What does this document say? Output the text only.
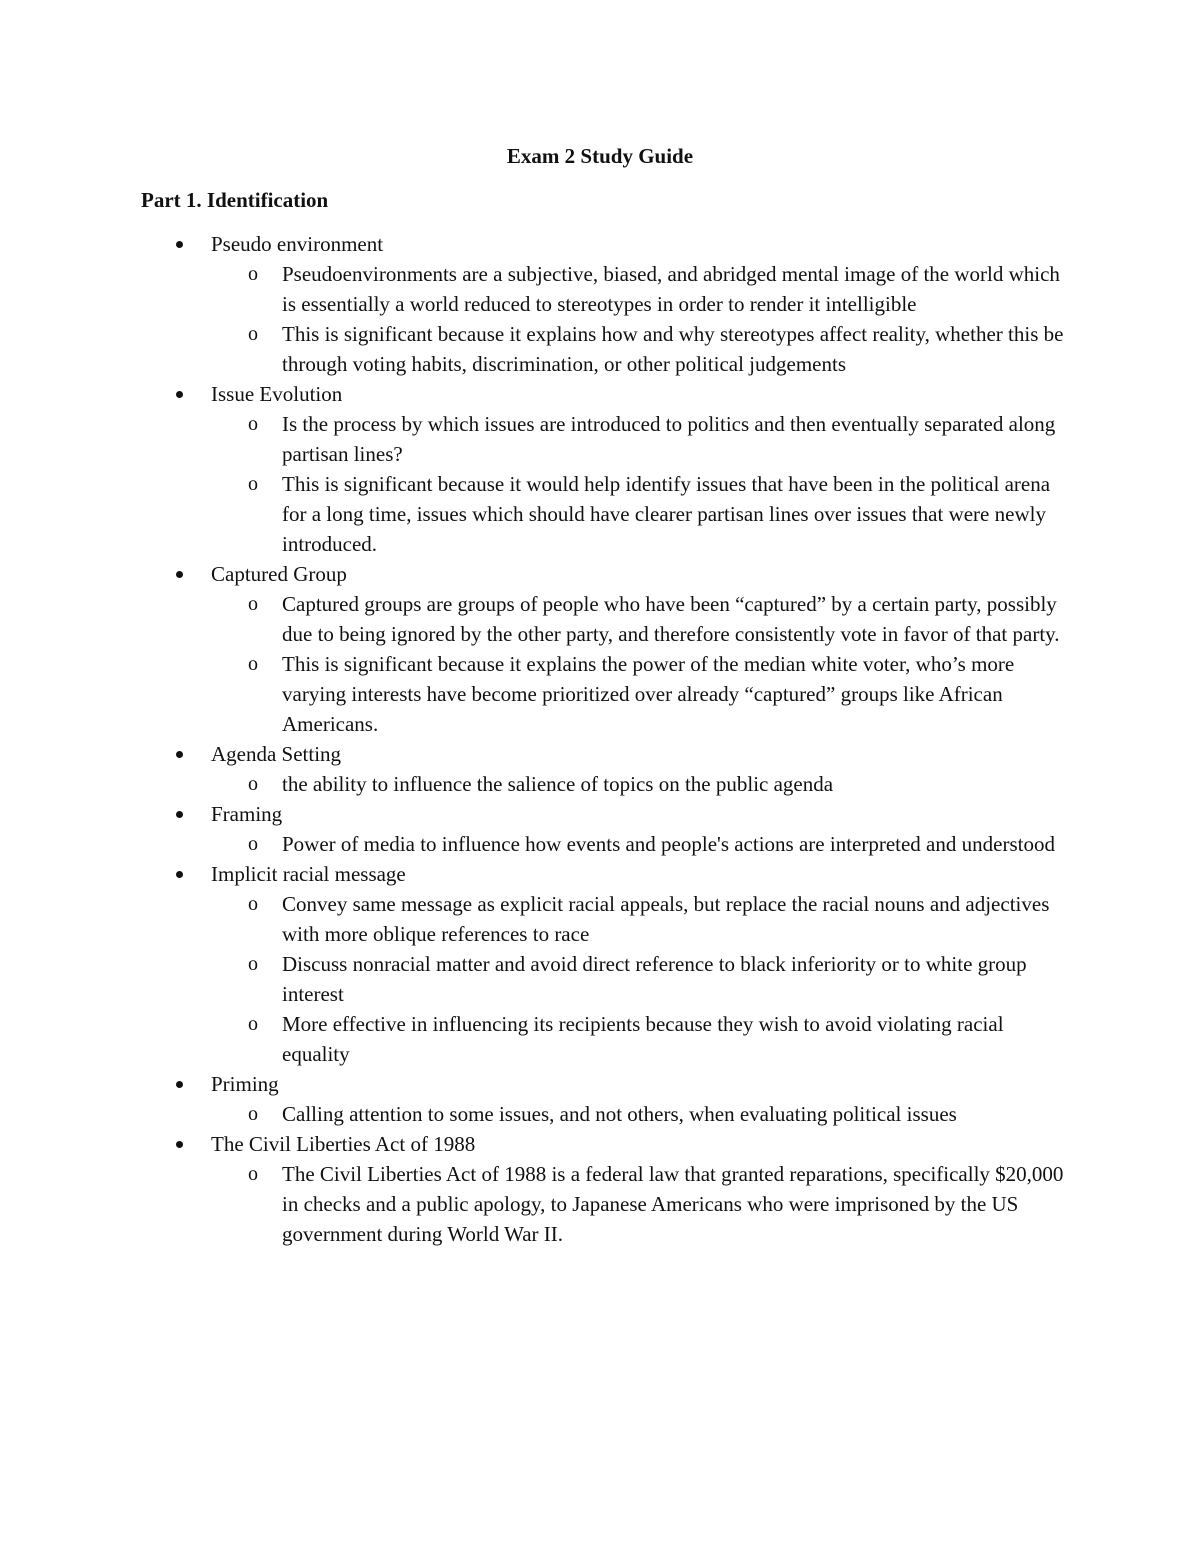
Exam 2 Study Guide
Part 1. Identification
Pseudo environment
o Pseudoenvironments are a subjective, biased, and abridged mental image of the world which is essentially a world reduced to stereotypes in order to render it intelligible
o This is significant because it explains how and why stereotypes affect reality, whether this be through voting habits, discrimination, or other political judgements
Issue Evolution
o Is the process by which issues are introduced to politics and then eventually separated along partisan lines?
o This is significant because it would help identify issues that have been in the political arena for a long time, issues which should have clearer partisan lines over issues that were newly introduced.
Captured Group
o Captured groups are groups of people who have been “captured” by a certain party, possibly due to being ignored by the other party, and therefore consistently vote in favor of that party.
o This is significant because it explains the power of the median white voter, who’s more varying interests have become prioritized over already “captured” groups like African Americans.
Agenda Setting
o the ability to influence the salience of topics on the public agenda
Framing
o Power of media to influence how events and people's actions are interpreted and understood
Implicit racial message
o Convey same message as explicit racial appeals, but replace the racial nouns and adjectives with more oblique references to race
o Discuss nonracial matter and avoid direct reference to black inferiority or to white group interest
o More effective in influencing its recipients because they wish to avoid violating racial equality
Priming
o Calling attention to some issues, and not others, when evaluating political issues
The Civil Liberties Act of 1988
o The Civil Liberties Act of 1988 is a federal law that granted reparations, specifically $20,000 in checks and a public apology, to Japanese Americans who were imprisoned by the US government during World War II.
